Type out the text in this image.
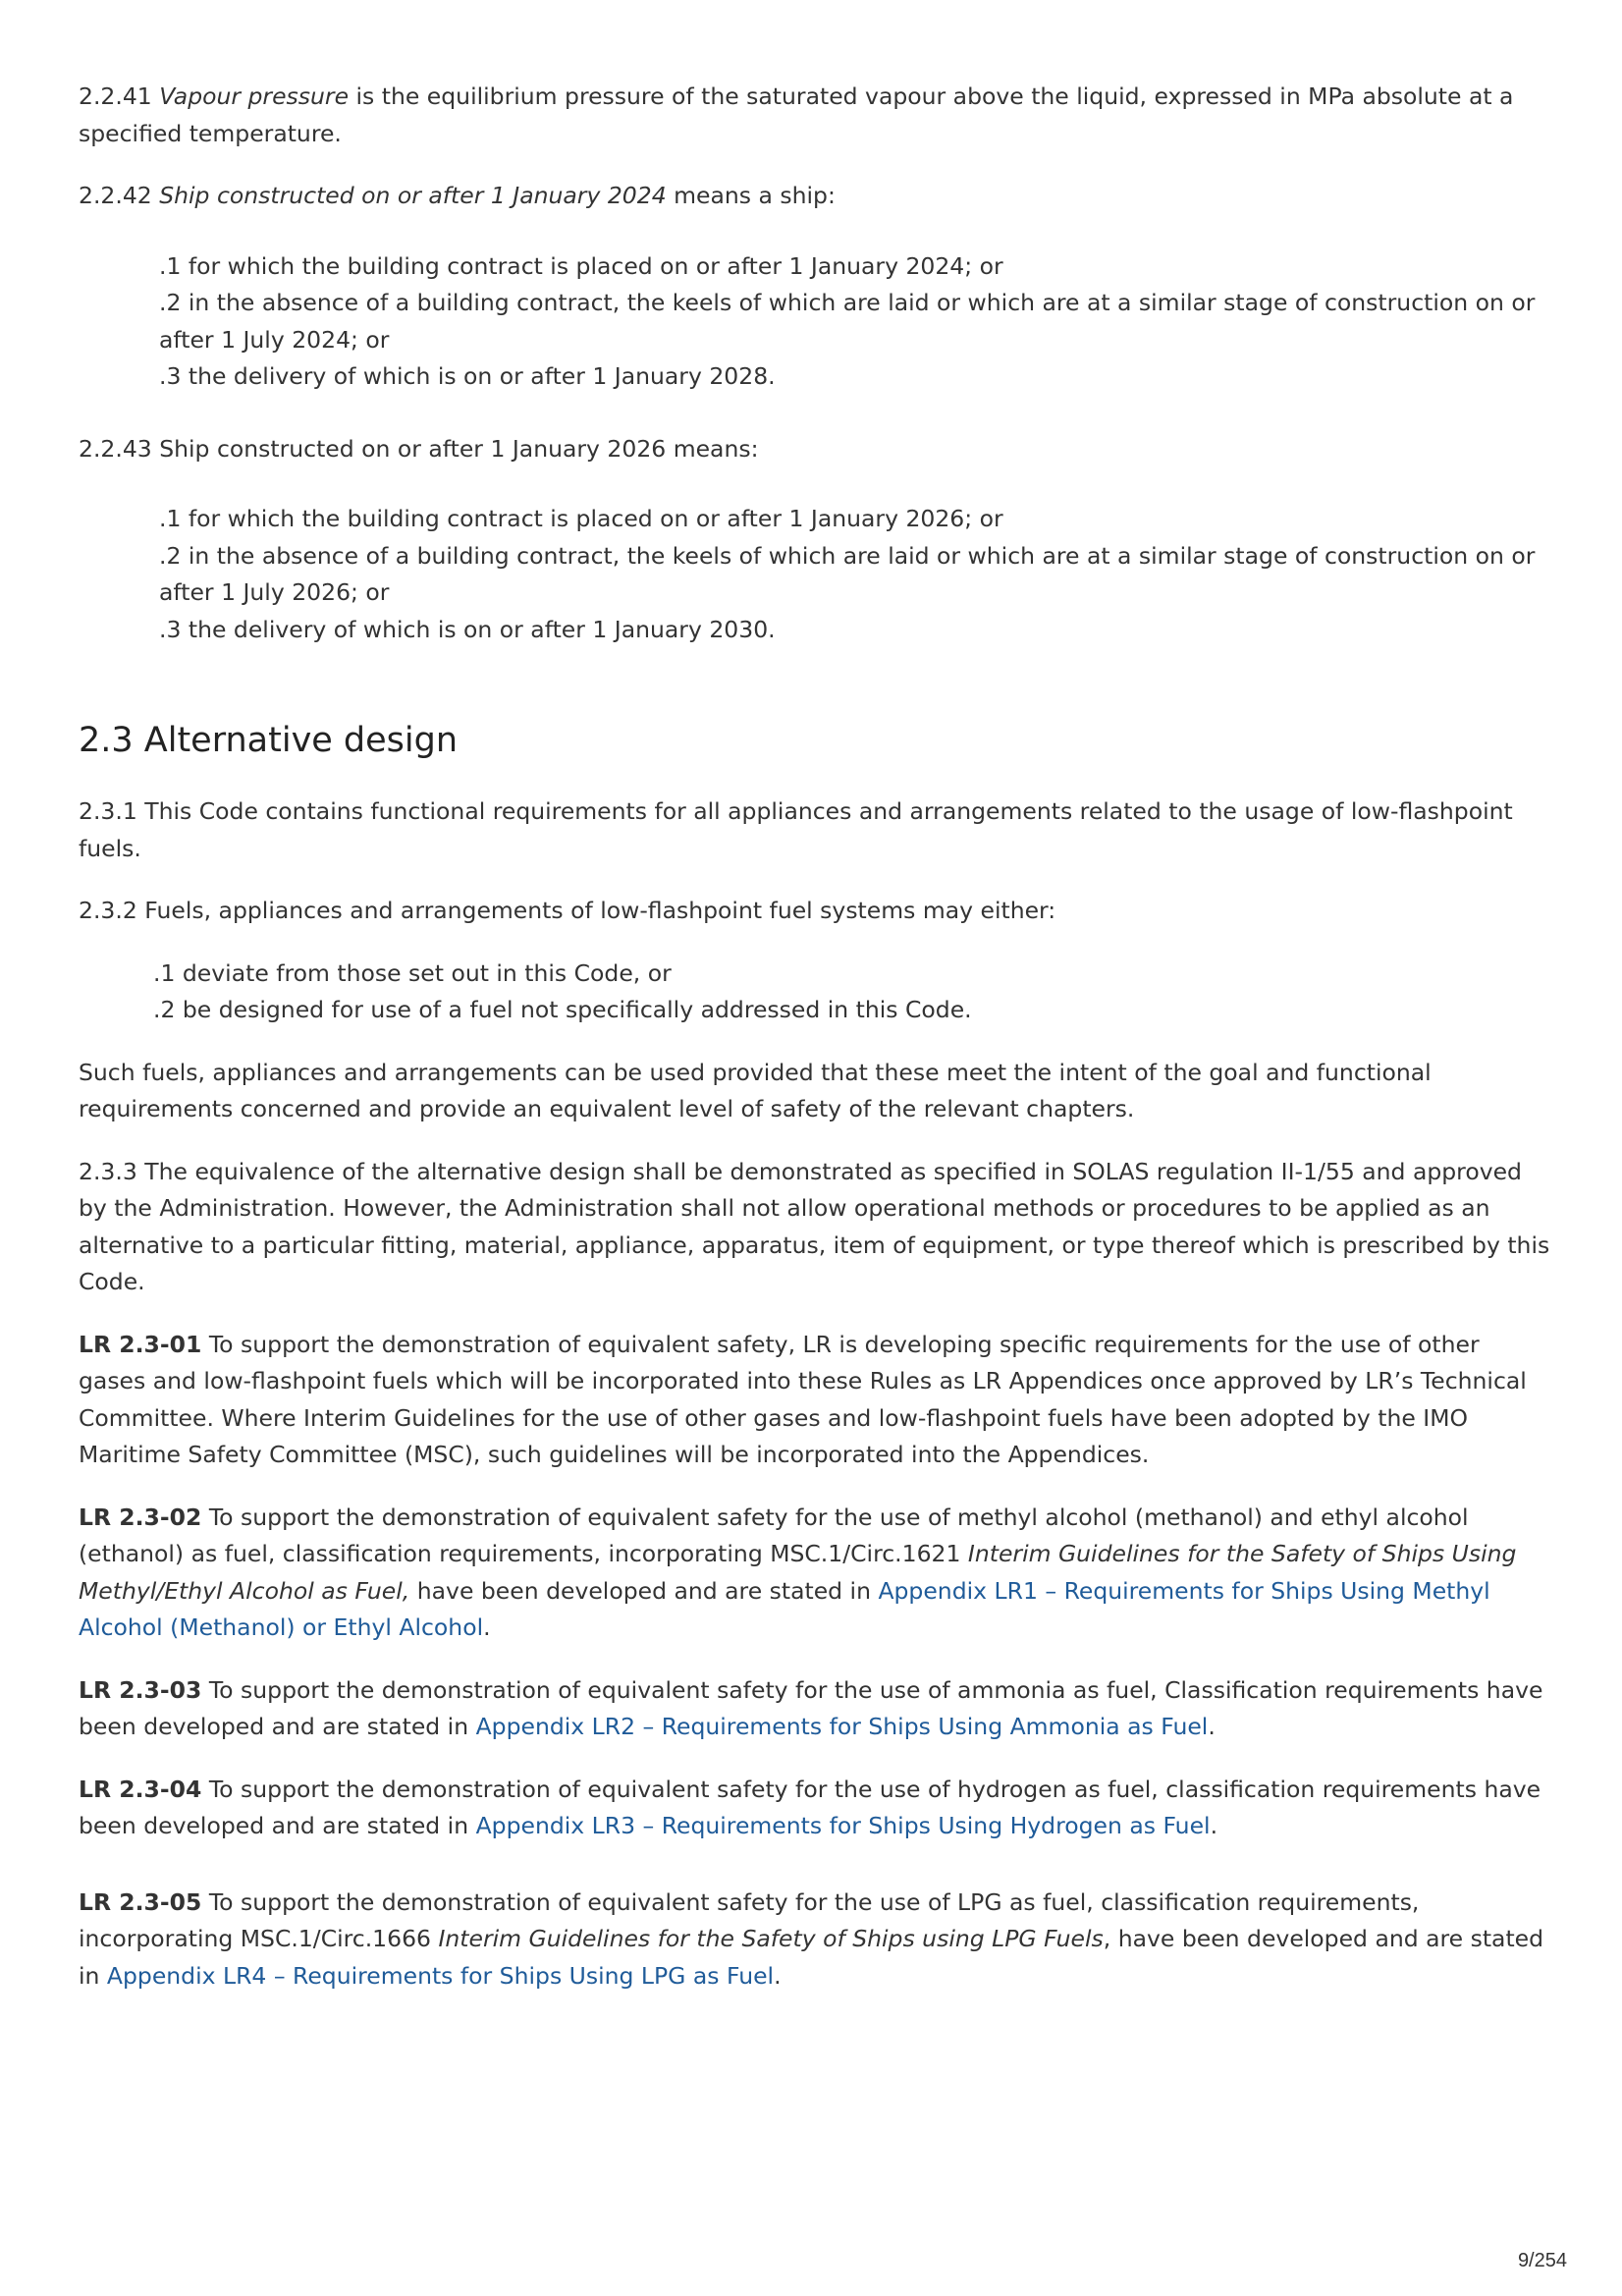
2.2.41 Vapour pressure is the equilibrium pressure of the saturated vapour above the liquid, expressed in MPa absolute at a specified temperature.

2.2.42 Ship constructed on or after 1 January 2024 means a ship:

.1 for which the building contract is placed on or after 1 January 2024; or
.2 in the absence of a building contract, the keels of which are laid or which are at a similar stage of construction on or after 1 July 2024; or
.3 the delivery of which is on or after 1 January 2028.

2.2.43 Ship constructed on or after 1 January 2026 means:

.1 for which the building contract is placed on or after 1 January 2026; or
.2 in the absence of a building contract, the keels of which are laid or which are at a similar stage of construction on or after 1 July 2026; or
.3 the delivery of which is on or after 1 January 2030.
2.3 Alternative design

2.3.1 This Code contains functional requirements for all appliances and arrangements related to the usage of low-flashpoint fuels.

2.3.2 Fuels, appliances and arrangements of low-flashpoint fuel systems may either:

.1 deviate from those set out in this Code, or
.2 be designed for use of a fuel not specifically addressed in this Code.

Such fuels, appliances and arrangements can be used provided that these meet the intent of the goal and functional requirements concerned and provide an equivalent level of safety of the relevant chapters.

2.3.3 The equivalence of the alternative design shall be demonstrated as specified in SOLAS regulation II-1/55 and approved by the Administration. However, the Administration shall not allow operational methods or procedures to be applied as an alternative to a particular fitting, material, appliance, apparatus, item of equipment, or type thereof which is prescribed by this Code.

LR 2.3-01 To support the demonstration of equivalent safety, LR is developing specific requirements for the use of other gases and low-flashpoint fuels which will be incorporated into these Rules as LR Appendices once approved by LR’s Technical Committee. Where Interim Guidelines for the use of other gases and low-flashpoint fuels have been adopted by the IMO Maritime Safety Committee (MSC), such guidelines will be incorporated into the Appendices.

LR 2.3-02 To support the demonstration of equivalent safety for the use of methyl alcohol (methanol) and ethyl alcohol (ethanol) as fuel, classification requirements, incorporating MSC.1/Circ.1621 Interim Guidelines for the Safety of Ships Using Methyl/Ethyl Alcohol as Fuel, have been developed and are stated in Appendix LR1 – Requirements for Ships Using Methyl Alcohol (Methanol) or Ethyl Alcohol.

LR 2.3-03 To support the demonstration of equivalent safety for the use of ammonia as fuel, Classification requirements have been developed and are stated in Appendix LR2 – Requirements for Ships Using Ammonia as Fuel.

LR 2.3-04 To support the demonstration of equivalent safety for the use of hydrogen as fuel, classification requirements have been developed and are stated in Appendix LR3 – Requirements for Ships Using Hydrogen as Fuel.

LR 2.3-05 To support the demonstration of equivalent safety for the use of LPG as fuel, classification requirements, incorporating MSC.1/Circ.1666 Interim Guidelines for the Safety of Ships using LPG Fuels, have been developed and are stated in Appendix LR4 – Requirements for Ships Using LPG as Fuel.

9/254
